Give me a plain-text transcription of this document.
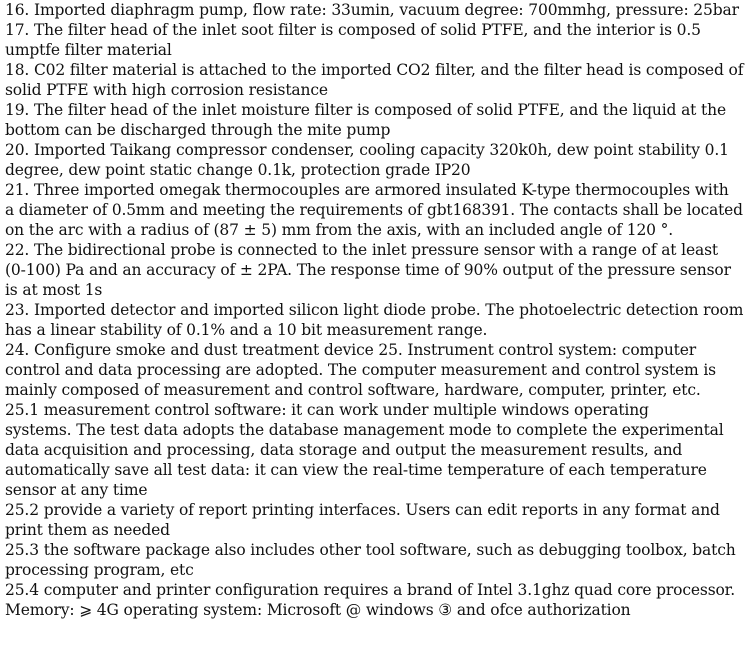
16. Imported diaphragm pump, flow rate: 33umin, vacuum degree: 700mmhg, pressure: 25bar
17. The filter head of the inlet soot filter is composed of solid PTFE, and the interior is 0.5
umptfe filter material
18. C02 filter material is attached to the imported CO2 filter, and the filter head is composed of
solid PTFE with high corrosion resistance
19. The filter head of the inlet moisture filter is composed of solid PTFE, and the liquid at the
bottom can be discharged through the mite pump
20. Imported Taikang compressor condenser, cooling capacity 320k0h, dew point stability 0.1
degree, dew point static change 0.1k, protection grade IP20
21. Three imported omegak thermocouples are armored insulated K-type thermocouples with
a diameter of 0.5mm and meeting the requirements of gbt168391. The contacts shall be located
on the arc with a radius of (87 ± 5) mm from the axis, with an included angle of 120 °.
22. The bidirectional probe is connected to the inlet pressure sensor with a range of at least
(0-100) Pa and an accuracy of ± 2PA. The response time of 90% output of the pressure sensor
is at most 1s
23. Imported detector and imported silicon light diode probe. The photoelectric detection room
has a linear stability of 0.1% and a 10 bit measurement range.
24. Configure smoke and dust treatment device 25. Instrument control system: computer
control and data processing are adopted. The computer measurement and control system is
mainly composed of measurement and control software, hardware, computer, printer, etc.
25.1 measurement control software: it can work under multiple windows operating
systems. The test data adopts the database management mode to complete the experimental
data acquisition and processing, data storage and output the measurement results, and
automatically save all test data: it can view the real-time temperature of each temperature
sensor at any time
25.2 provide a variety of report printing interfaces. Users can edit reports in any format and
print them as needed
25.3 the software package also includes other tool software, such as debugging toolbox, batch
processing program, etc
25.4 computer and printer configuration requires a brand of Intel 3.1ghz quad core processor.
Memory: ⩾ 4G operating system: Microsoft @ windows ③ and ofce authorization
